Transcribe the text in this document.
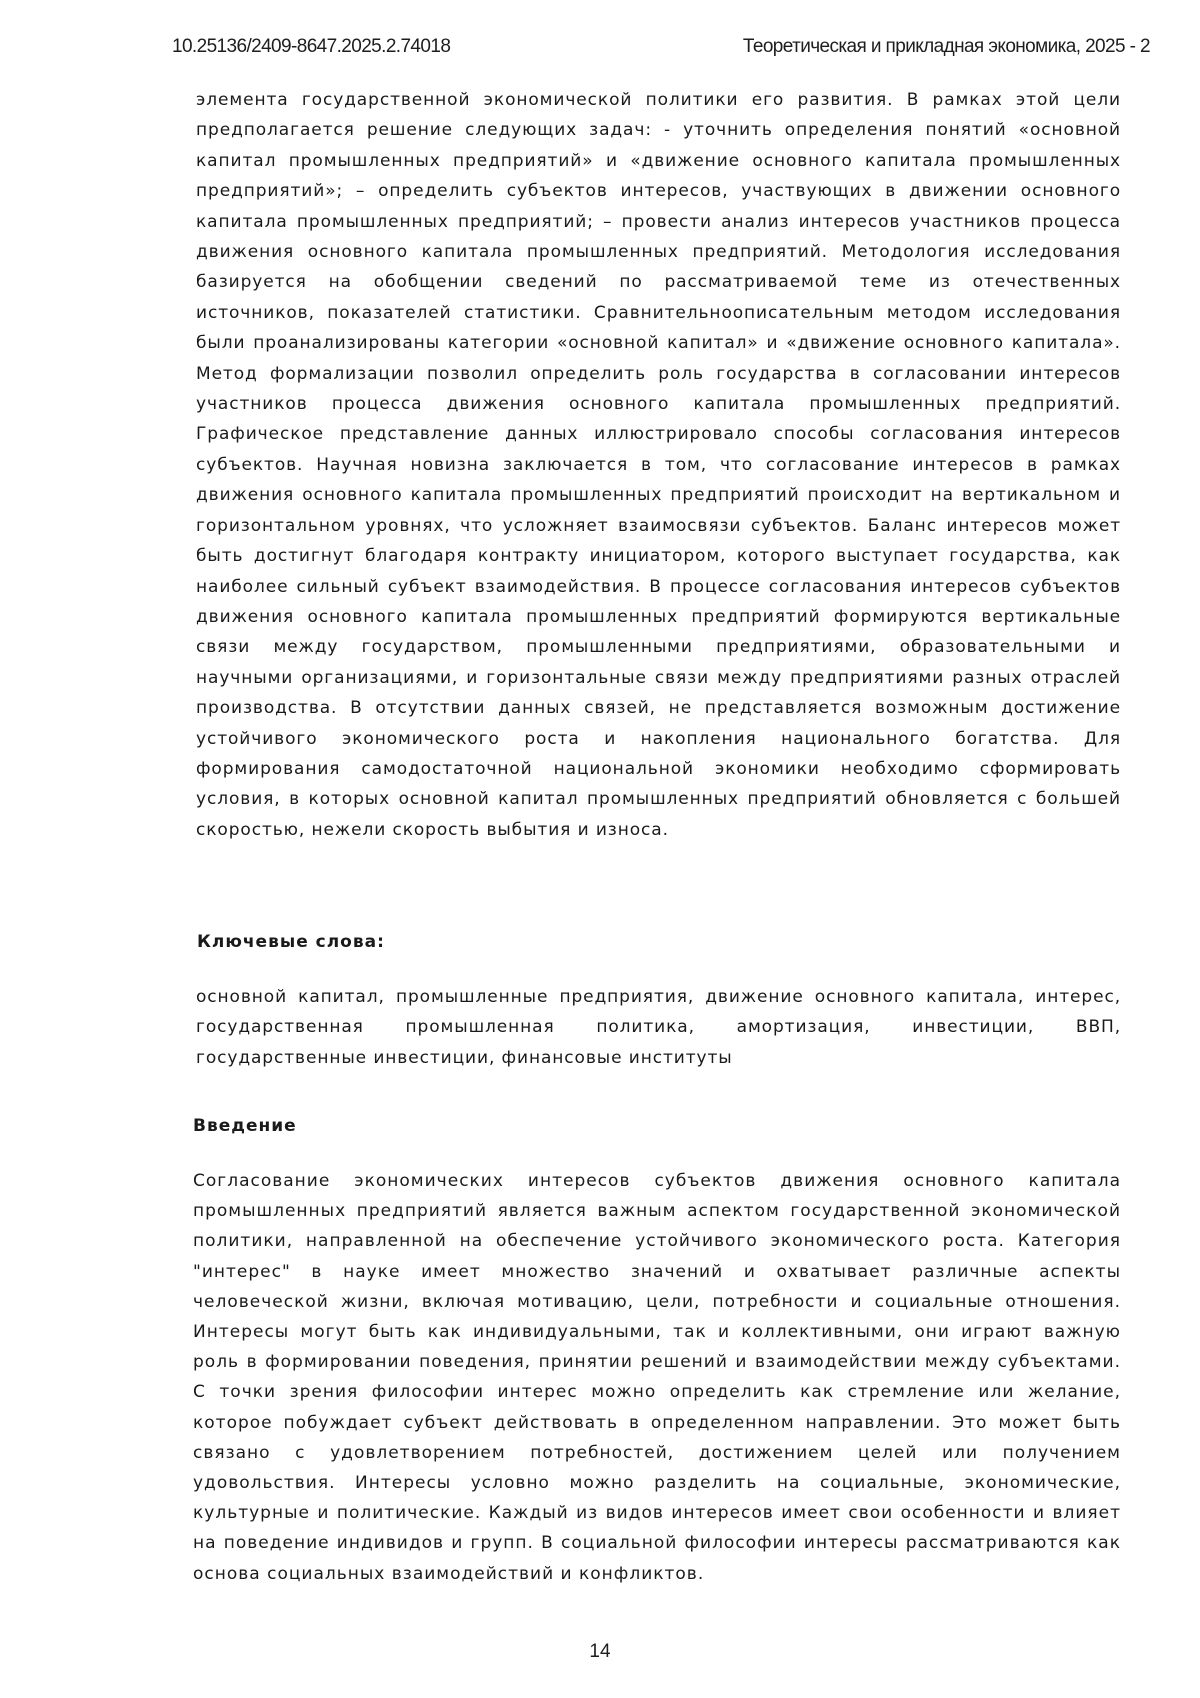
10.25136/2409-8647.2025.2.74018	Теоретическая и прикладная экономика, 2025 - 2

элемента государственной экономической политики его развития. В рамках этой цели предполагается решение следующих задач: - уточнить определения понятий «основной капитал промышленных предприятий» и «движение основного капитала промышленных предприятий»; – определить субъектов интересов, участвующих в движении основного капитала промышленных предприятий; – провести анализ интересов участников процесса движения основного капитала промышленных предприятий. Методология исследования базируется на обобщении сведений по рассматриваемой теме из отечественных источников, показателей статистики. Сравнительноописательным методом исследования были проанализированы категории «основной капитал» и «движение основного капитала». Метод формализации позволил определить роль государства в согласовании интересов участников процесса движения основного капитала промышленных предприятий. Графическое представление данных иллюстрировало способы согласования интересов субъектов. Научная новизна заключается в том, что согласование интересов в рамках движения основного капитала промышленных предприятий происходит на вертикальном и горизонтальном уровнях, что усложняет взаимосвязи субъектов. Баланс интересов может быть достигнут благодаря контракту инициатором, которого выступает государства, как наиболее сильный субъект взаимодействия. В процессе согласования интересов субъектов движения основного капитала промышленных предприятий формируются вертикальные связи между государством, промышленными предприятиями, образовательными и научными организациями, и горизонтальные связи между предприятиями разных отраслей производства. В отсутствии данных связей, не представляется возможным достижение устойчивого экономического роста и накопления национального богатства. Для формирования самодостаточной национальной экономики необходимо сформировать условия, в которых основной капитал промышленных предприятий обновляется с большей скоростью, нежели скорость выбытия и износа.

Ключевые слова:

основной капитал, промышленные предприятия, движение основного капитала, интерес, государственная промышленная политика, амортизация, инвестиции, ВВП, государственные инвестиции, финансовые институты

Введение

Согласование экономических интересов субъектов движения основного капитала промышленных предприятий является важным аспектом государственной экономической политики, направленной на обеспечение устойчивого экономического роста. Категория "интерес" в науке имеет множество значений и охватывает различные аспекты человеческой жизни, включая мотивацию, цели, потребности и социальные отношения. Интересы могут быть как индивидуальными, так и коллективными, они играют важную роль в формировании поведения, принятии решений и взаимодействии между субъектами. С точки зрения философии интерес можно определить как стремление или желание, которое побуждает субъект действовать в определенном направлении. Это может быть связано с удовлетворением потребностей, достижением целей или получением удовольствия. Интересы условно можно разделить на социальные, экономические, культурные и политические. Каждый из видов интересов имеет свои особенности и влияет на поведение индивидов и групп. В социальной философии интересы рассматриваются как основа социальных взаимодействий и конфликтов.

14
